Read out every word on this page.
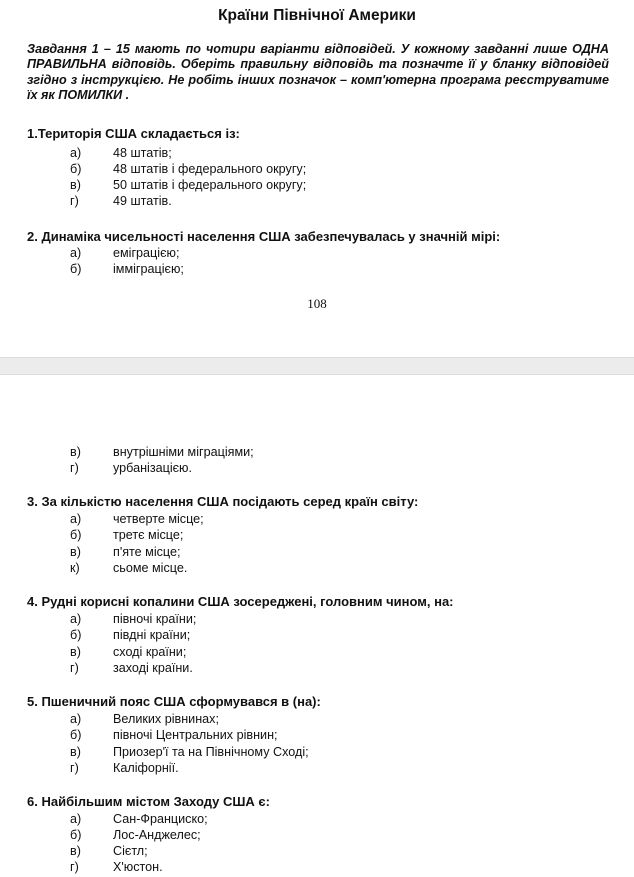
Країни Північної Америки
Завдання 1 – 15 мають по чотири варіанти відповідей. У кожному завданні лише ОДНА ПРАВИЛЬНА відповідь. Оберіть правильну відповідь та позначте її у бланку відповідей згідно з інструкцією. Не робіть інших позначок – комп'ютерна програма реєструватиме їх як ПОМИЛКИ .
1.Територія США складається із:
а)	48 штатів;
б)	48 штатів і федерального округу;
в)	50 штатів і федерального округу;
г)	49 штатів.
2. Динаміка чисельності населення США забезпечувалась у значній мірі:
а)	еміграцією;
б)	імміграцією;
108
в)	внутрішніми міграціями;
г)	урбанізацією.
3. За кількістю населення США посідають серед країн світу:
а)	четверте місце;
б)	третє місце;
в)	п'яте місце;
к)	сьоме місце.
4. Рудні корисні копалини США зосереджені, головним чином, на:
а)	півночі країни;
б)	півдні країни;
в)	сході країни;
г)	заході країни.
5. Пшеничний пояс США сформувався в (на):
а)	Великих рівнинах;
б)	півночі Центральних рівнин;
в)	Приозер'ї та на Північному Сході;
г)	Каліфорнії.
6. Найбільшим містом Заходу США є:
а)	Сан-Франциско;
б)	Лос-Анджелес;
в)	Сієтл;
г)	Х'юстон.
